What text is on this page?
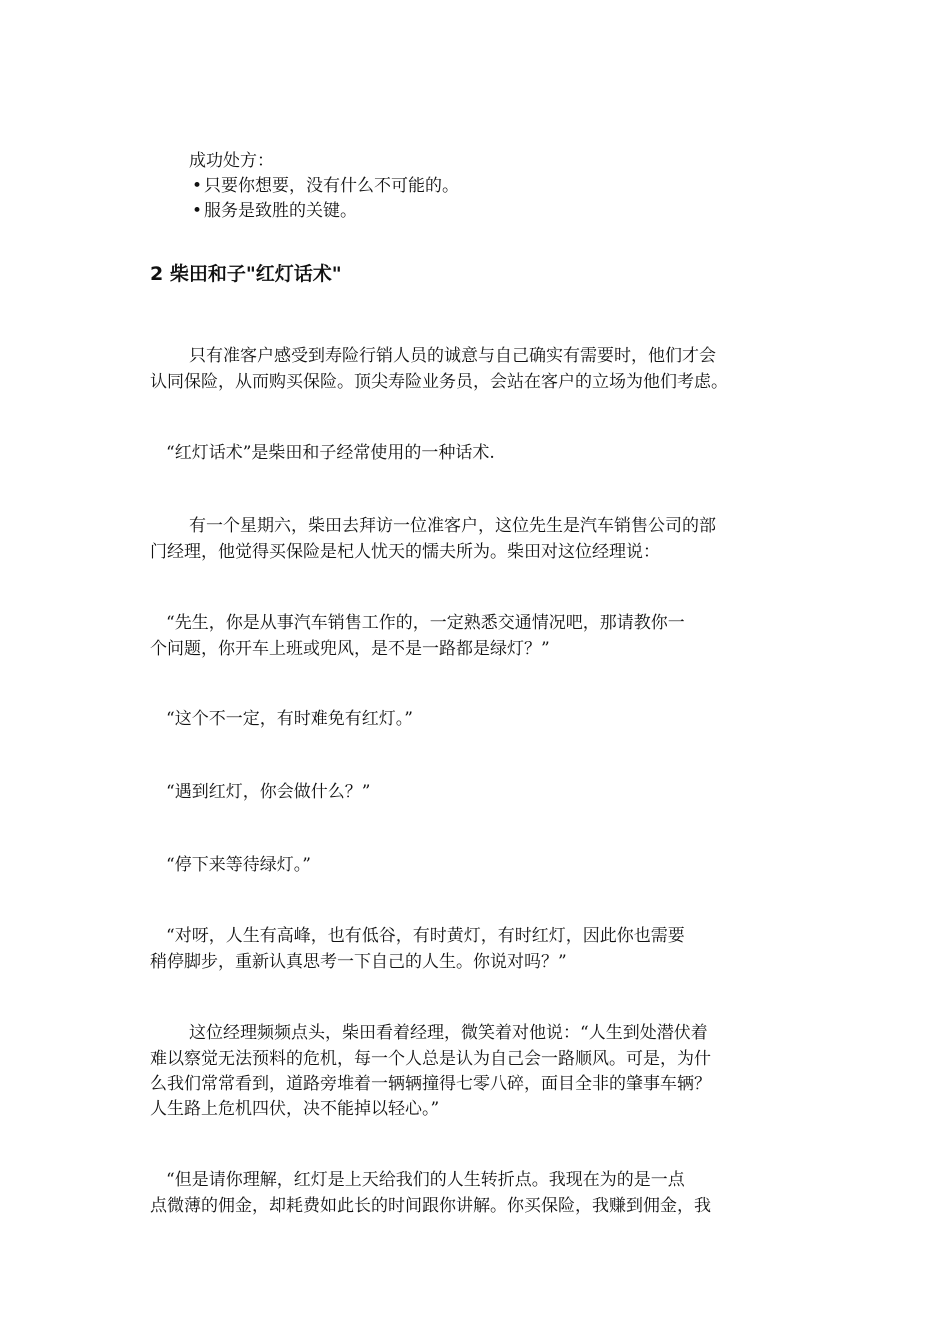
成功处方：
• 只要你想要，没有什么不可能的。
• 服务是致胜的关键。
2 柴田和子"红灯话术"
只有准客户感受到寿险行销人员的诚意与自己确实有需要时，他们才会
认同保险，从而购买保险。顶尖寿险业务员，会站在客户的立场为他们考虑。
“红灯话术”是柴田和子经常使用的一种话术.
有一个星期六，柴田去拜访一位准客户，这位先生是汽车销售公司的部
门经理，他觉得买保险是杞人忧天的懦夫所为。柴田对这位经理说：
“先生，你是从事汽车销售工作的，一定熟悉交通情况吧，那请教你一
个问题，你开车上班或兜风，是不是一路都是绿灯？”
“这个不一定，有时难免有红灯。”
“遇到红灯，你会做什么？”
“停下来等待绿灯。”
“对呀，人生有高峰，也有低谷，有时黄灯，有时红灯，因此你也需要
稍停脚步，重新认真思考一下自己的人生。你说对吗？”
这位经理频频点头，柴田看着经理，微笑着对他说：“人生到处潜伏着
难以察觉无法预料的危机，每一个人总是认为自己会一路顺风。可是，为什
么我们常常看到，道路旁堆着一辆辆撞得七零八碎，面目全非的肇事车辆？
人生路上危机四伏，决不能掉以轻心。”
“但是请你理解，红灯是上天给我们的人生转折点。我现在为的是一点
点微薄的佣金，却耗费如此长的时间跟你讲解。你买保险，我赚到佣金，我
